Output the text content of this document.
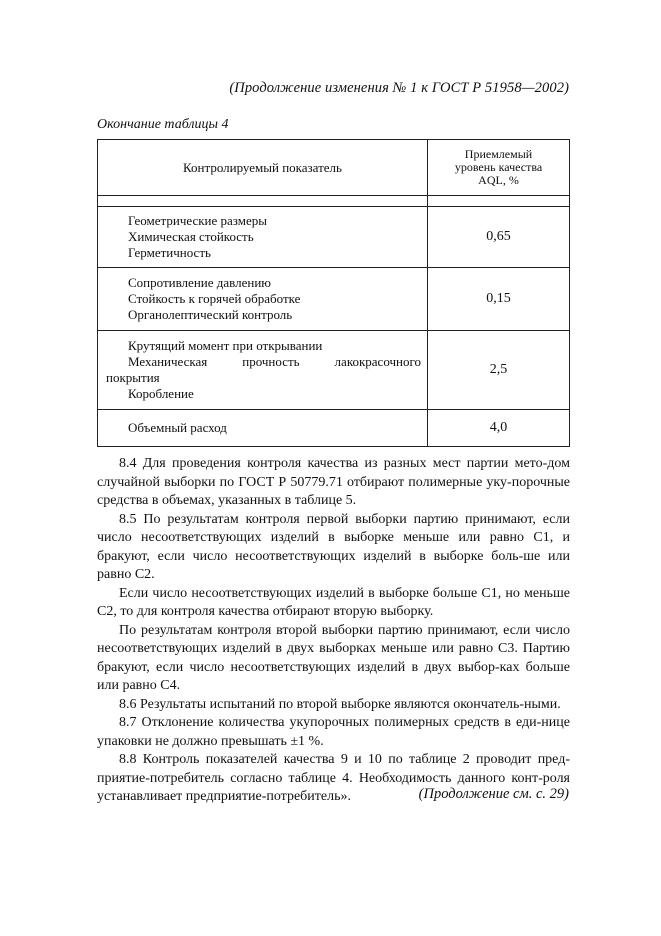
(Продолжение изменения № 1 к ГОСТ Р 51958—2002)
Окончание таблицы 4
Контролируемый показатель	Приемлемый
уровень качества
AQL, %

Геометрические размеры
Химическая стойкость
Герметичность	0,65

Сопротивление давлению
Стойкость к горячей обработке
Органолептический контроль	0,15

Крутящий момент при открывании
Механическая прочность лакокрасочного
покрытия
Коробление	2,5

Объемный расход	4,0

8.4 Для проведения контроля качества из разных мест партии мето-дом случайной выборки по ГОСТ Р 50779.71 отбирают полимерные уку-порочные средства в объемах, указанных в таблице 5.

8.5 По результатам контроля первой выборки партию принимают, если число несоответствующих изделий в выборке меньше или равно С1, и бракуют, если число несоответствующих изделий в выборке боль-ше или равно С2.

Если число несоответствующих изделий в выборке больше С1, но меньше С2, то для контроля качества отбирают вторую выборку.

По результатам контроля второй выборки партию принимают, если число несоответствующих изделий в двух выборках меньше или равно С3. Партию бракуют, если число несоответствующих изделий в двух выбор-ках больше или равно С4.

8.6 Результаты испытаний по второй выборке являются окончатель-ными.

8.7 Отклонение количества укупорочных полимерных средств в еди-нице упаковки не должно превышать ±1 %.

8.8 Контроль показателей качества 9 и 10 по таблице 2 проводит пред-приятие-потребитель согласно таблице 4. Необходимость данного конт-роля устанавливает предприятие-потребитель».	(Продолжение см. с. 29)
